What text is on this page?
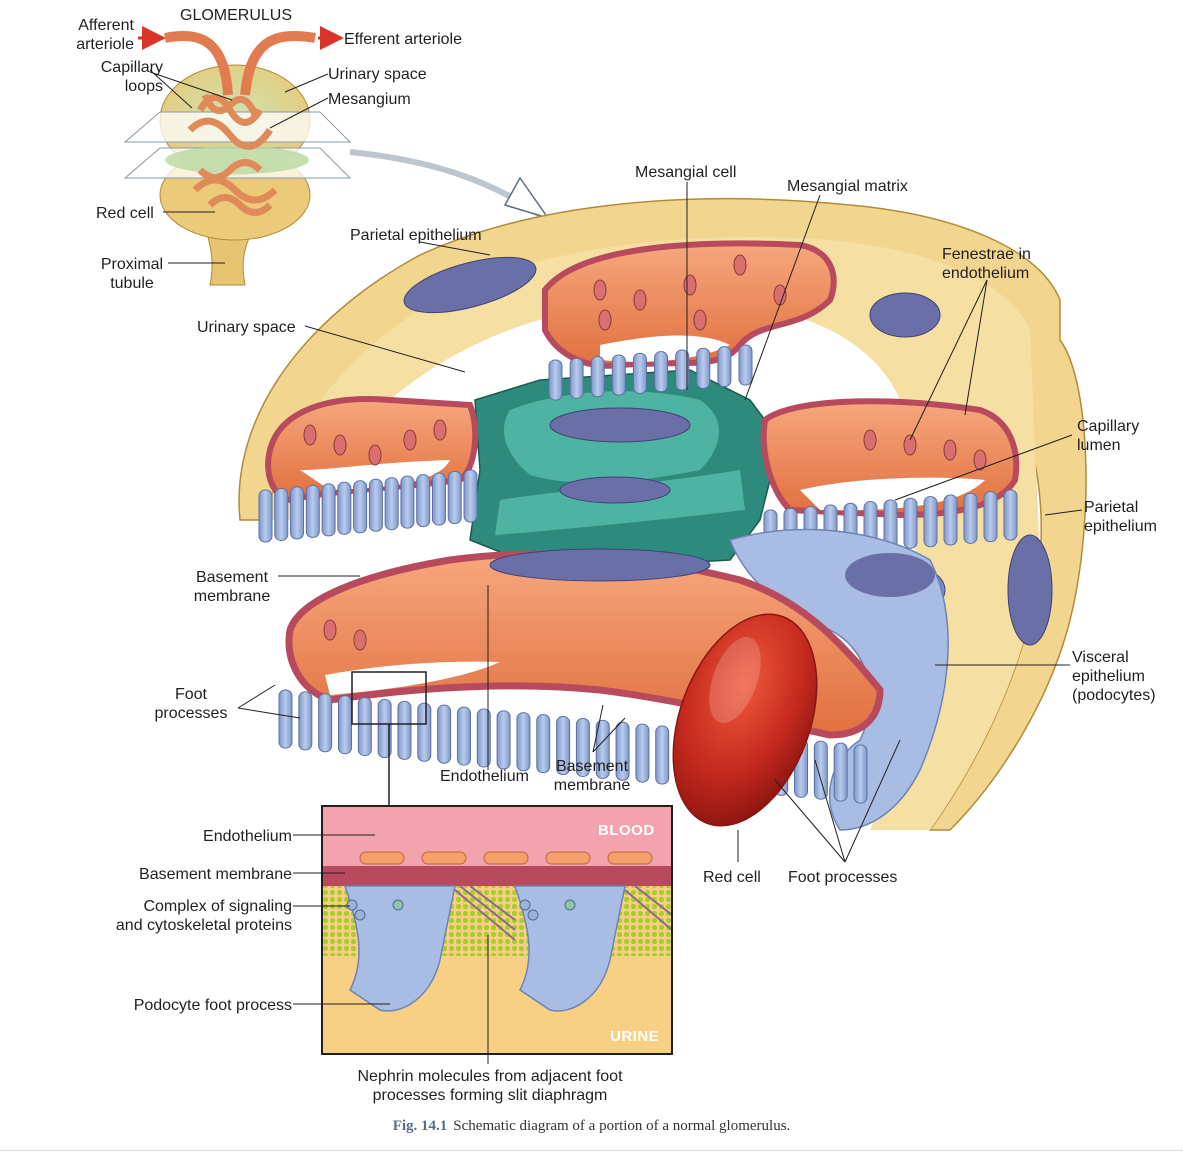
GLOMERULUS
Afferent
arteriole	Efferent arteriole
Capillary
loops
Urinary space
Mesangium
Red cell
Proximal
tubule
Parietal epithelium
Mesangial cell
Mesangial matrix
Fenestrae in
endothelium
Urinary space
Capillary
lumen
Parietal
epithelium
Basement
membrane
Visceral
epithelium
(podocytes)
Foot
processes
Endothelium
Basement
membrane
Red cell Foot processes
Endothelium
Basement membrane
Complex of signaling
and cytoskeletal proteins
Podocyte foot process
Nephrin molecules from adjacent foot
processes forming slit diaphragm
BLOOD
URINE
Fig. 14.1 Schematic diagram of a portion of a normal glomerulus.
